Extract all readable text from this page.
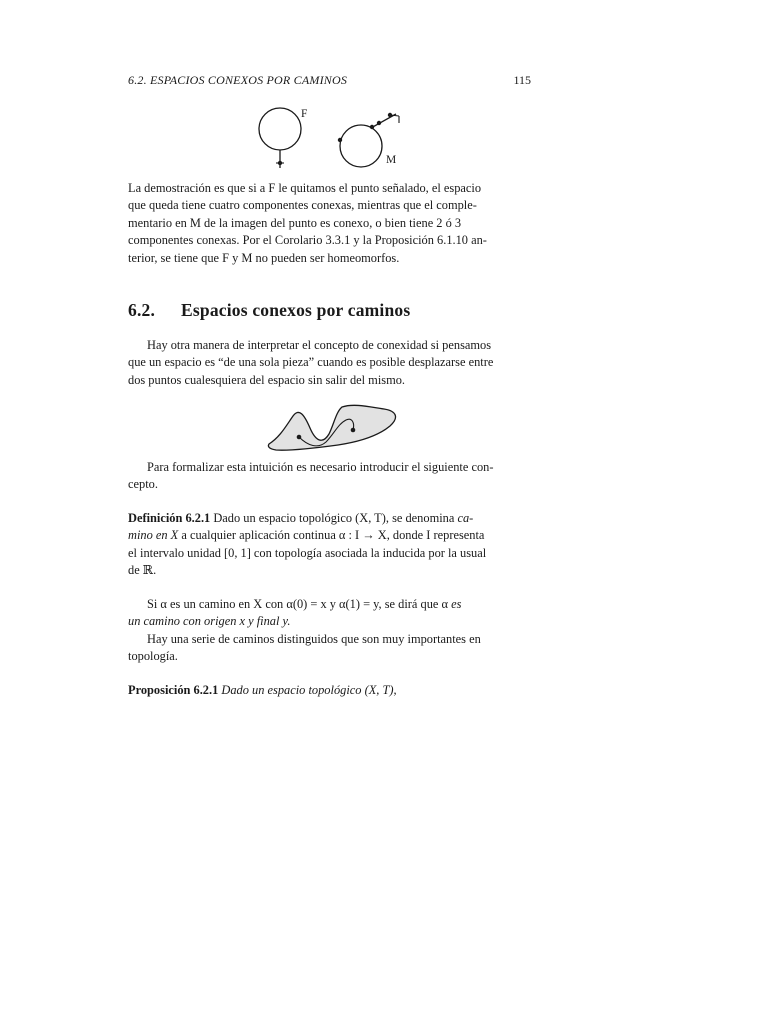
6.2. ESPACIOS CONEXOS POR CAMINOS	115
F
M
La demostración es que si a F le quitamos el punto señalado, el espacio
que queda tiene cuatro componentes conexas, mientras que el comple-
mentario en M de la imagen del punto es conexo, o bien tiene 2 ó 3
componentes conexas. Por el Corolario 3.3.1 y la Proposición 6.1.10 an-
terior, se tiene que F y M no pueden ser homeomorfos.
6.2. Espacios conexos por caminos
Hay otra manera de interpretar el concepto de conexidad si pensamos
que un espacio es “de una sola pieza” cuando es posible desplazarse entre
dos puntos cualesquiera del espacio sin salir del mismo.
Para formalizar esta intuición es necesario introducir el siguiente con-
cepto.
Definición 6.2.1 Dado un espacio topológico (X, T), se denomina ca-
mino en X a cualquier aplicación continua α : I → X, donde I representa
el intervalo unidad [0, 1] con topología asociada la inducida por la usual
de ℝ.
Si α es un camino en X con α(0) = x y α(1) = y, se dirá que α es
un camino con origen x y final y.
Hay una serie de caminos distinguidos que son muy importantes en
topología.
Proposición 6.2.1 Dado un espacio topológico (X, T),
